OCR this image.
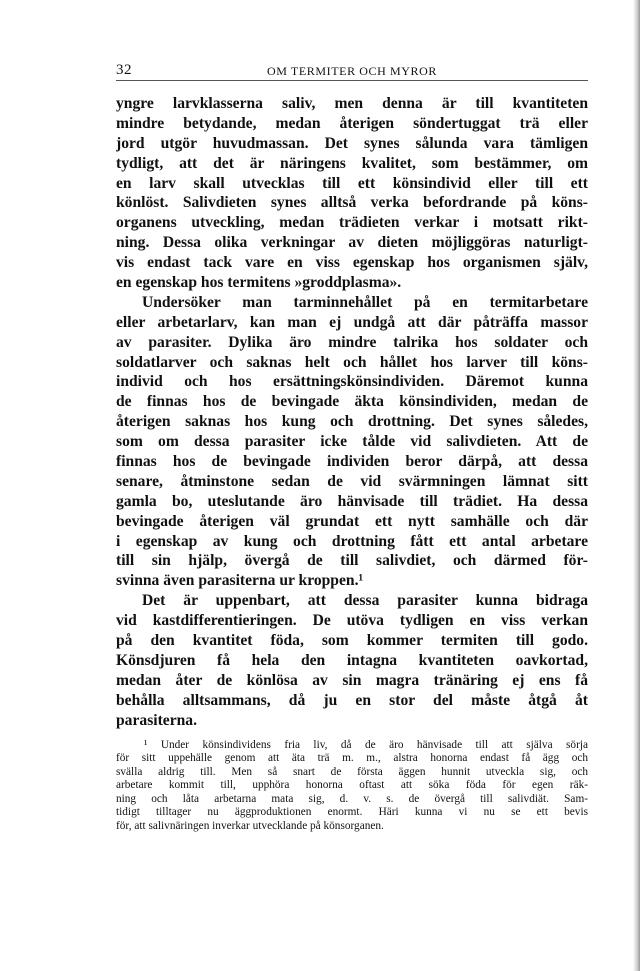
32	OM TERMITER OCH MYROR
yngre larvklasserna saliv, men denna är till kvantiteten
mindre betydande, medan återigen söndertuggat trä eller
jord utgör huvudmassan. Det synes sålunda vara tämligen
tydligt, att det är näringens kvalitet, som bestämmer, om
en larv skall utvecklas till ett könsindivid eller till ett
könlöst. Salivdieten synes alltså verka befordrande på köns-
organens utveckling, medan trädieten verkar i motsatt rikt-
ning. Dessa olika verkningar av dieten möjliggöras naturligt-
vis endast tack vare en viss egenskap hos organismen själv,
en egenskap hos termitens »groddplasma».
Undersöker man tarminnehållet på en termitarbetare
eller arbetarlarv, kan man ej undgå att där påträffa massor
av parasiter. Dylika äro mindre talrika hos soldater och
soldatlarver och saknas helt och hållet hos larver till köns-
individ och hos ersättningskönsindividen. Däremot kunna
de finnas hos de bevingade äkta könsindividen, medan de
återigen saknas hos kung och drottning. Det synes således,
som om dessa parasiter icke tålde vid salivdieten. Att de
finnas hos de bevingade individen beror därpå, att dessa
senare, åtminstone sedan de vid svärmningen lämnat sitt
gamla bo, uteslutande äro hänvisade till trädiet. Ha dessa
bevingade återigen väl grundat ett nytt samhälle och där
i egenskap av kung och drottning fått ett antal arbetare
till sin hjälp, övergå de till salivdiet, och därmed för-
svinna även parasiterna ur kroppen.¹
Det är uppenbart, att dessa parasiter kunna bidraga
vid kastdifferentieringen. De utöva tydligen en viss verkan
på den kvantitet föda, som kommer termiten till godo.
Könsdjuren få hela den intagna kvantiteten oavkortad,
medan åter de könlösa av sin magra tränäring ej ens få
behålla alltsammans, då ju en stor del måste åtgå åt
parasiterna.
¹ Under könsindividens fria liv, då de äro hänvisade till att själva sörja
för sitt uppehälle genom att äta trä m. m., alstra honorna endast få ägg och
svälla aldrig till. Men så snart de första äggen hunnit utveckla sig, och
arbetare kommit till, upphöra honorna oftast att söka föda för egen räk-
ning och låta arbetarna mata sig, d. v. s. de övergå till salivdiät. Sam-
tidigt tilltager nu äggproduktionen enormt. Häri kunna vi nu se ett bevis
för, att salivnäringen inverkar utvecklande på könsorganen.
